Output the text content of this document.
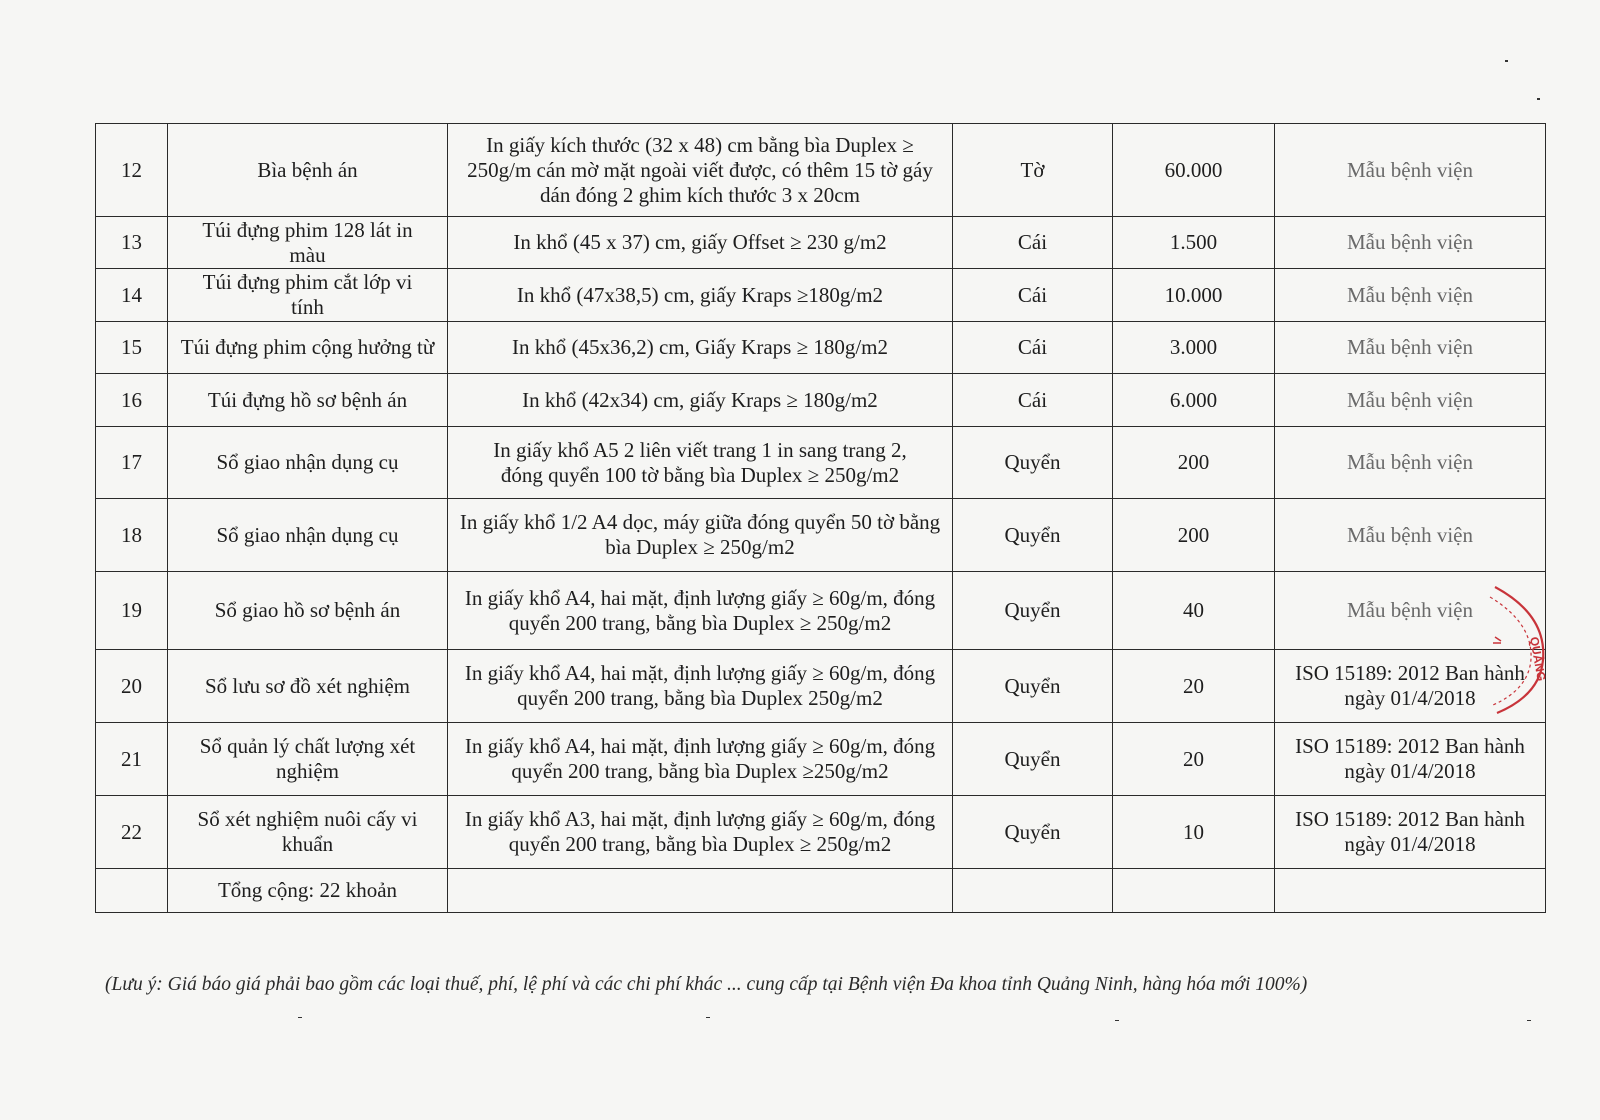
12	Bìa bệnh án	In giấy kích thước (32 x 48) cm bằng bìa Duplex ≥ 250g/m cán mờ mặt ngoài viết được, có thêm 15 tờ gáy dán đóng 2 ghim kích thước 3 x 20cm	Tờ	60.000	Mẫu bệnh viện
13	Túi đựng phim 128 lát in màu	In khổ (45 x 37) cm, giấy Offset ≥ 230 g/m2	Cái	1.500	Mẫu bệnh viện
14	Túi đựng phim cắt lớp vi tính	In khổ (47x38,5) cm, giấy Kraps ≥180g/m2	Cái	10.000	Mẫu bệnh viện
15	Túi đựng phim cộng hưởng từ	In khổ (45x36,2) cm, Giấy Kraps ≥ 180g/m2	Cái	3.000	Mẫu bệnh viện
16	Túi đựng hồ sơ bệnh án	In khổ (42x34) cm, giấy Kraps ≥ 180g/m2	Cái	6.000	Mẫu bệnh viện
17	Sổ giao nhận dụng cụ	In giấy khổ A5 2 liên viết trang 1 in sang trang 2, đóng quyển 100 tờ bằng bìa Duplex ≥ 250g/m2	Quyển	200	Mẫu bệnh viện
18	Sổ giao nhận dụng cụ	In giấy khổ 1/2 A4 dọc, máy giữa đóng quyển 50 tờ bằng bìa Duplex ≥ 250g/m2	Quyển	200	Mẫu bệnh viện
19	Sổ giao hồ sơ bệnh án	In giấy khổ A4, hai mặt, định lượng giấy ≥ 60g/m, đóng quyển 200 trang, bằng bìa Duplex ≥ 250g/m2	Quyển	40	Mẫu bệnh viện
20	Sổ lưu sơ đồ xét nghiệm	In giấy khổ A4, hai mặt, định lượng giấy ≥ 60g/m, đóng quyển 200 trang, bằng bìa Duplex 250g/m2	Quyển	20	ISO 15189: 2012 Ban hành ngày 01/4/2018
21	Sổ quản lý chất lượng xét nghiệm	In giấy khổ A4, hai mặt, định lượng giấy ≥ 60g/m, đóng quyển 200 trang, bằng bìa Duplex ≥250g/m2	Quyển	20	ISO 15189: 2012 Ban hành ngày 01/4/2018
22	Sổ xét nghiệm nuôi cấy vi khuẩn	In giấy khổ A3, hai mặt, định lượng giấy ≥ 60g/m, đóng quyển 200 trang, bằng bìa Duplex ≥ 250g/m2	Quyển	10	ISO 15189: 2012 Ban hành ngày 01/4/2018
	Tổng cộng: 22 khoản				
(Lưu ý: Giá báo giá phải bao gồm các loại thuế, phí, lệ phí và các chi phí khác ... cung cấp tại Bệnh viện Đa khoa tỉnh Quảng Ninh, hàng hóa mới 100%)
QUẢNG
